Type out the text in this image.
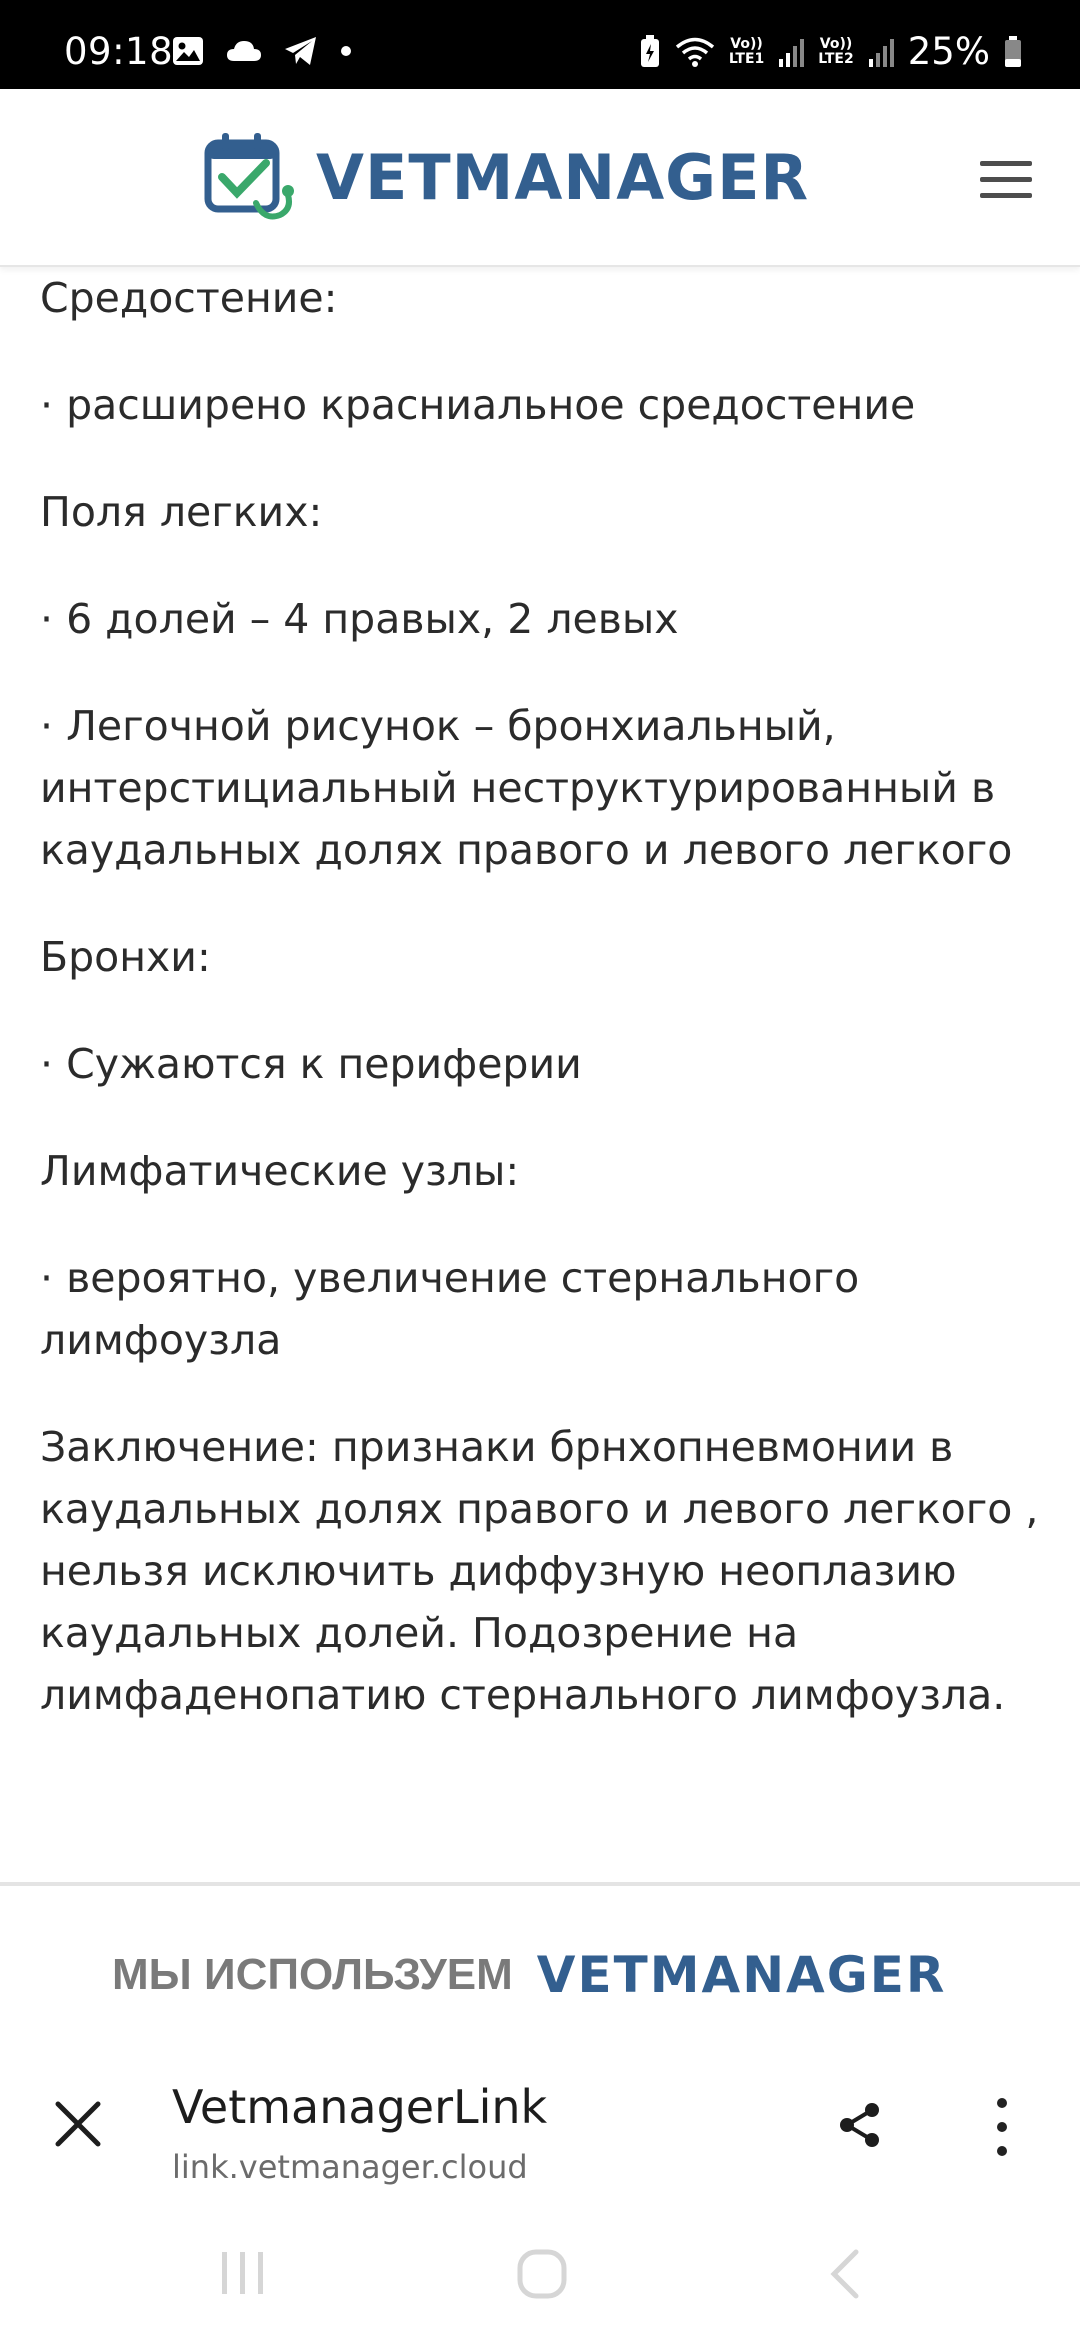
09:18	Vo))
LTE1
Vo))
LTE2 25%
VETMANAGER

Средостение:

· расширено красниальное средостение

Поля легких:

· 6 долей – 4 правых, 2 левых

· Легочной рисунок – бронхиальный, интерстициальный неструктурированный в каудальных долях правого и левого легкого

Бронхи:

· Сужаются к периферии

Лимфатические узлы:

· вероятно, увеличение стернального лимфоузла

Заключение: признаки брнхопневмонии в каудальных долях правого и левого легкого , нельзя исключить диффузную неоплазию каудальных долей. Подозрение на лимфаденопатию стернального лимфоузла.

МЫ ИСПОЛЬЗУЕМ VETMANAGER
VetmanagerLink
link.vetmanager.cloud
